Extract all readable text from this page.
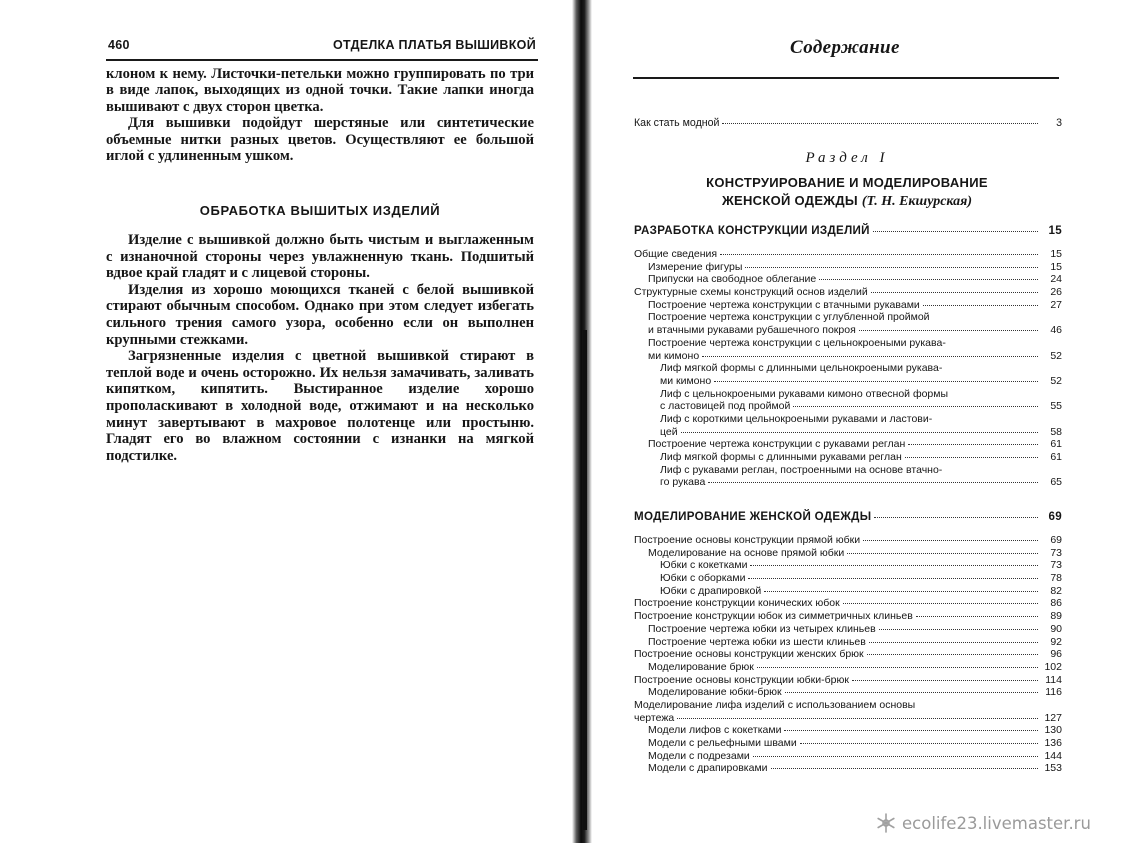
460	ОТДЕЛКА ПЛАТЬЯ ВЫШИВКОЙ

клоном к нему. Листочки-петельки можно группировать по три в виде лапок, выходящих из одной точки. Такие лапки иногда вышивают с двух сторон цветка.

Для вышивки подойдут шерстяные или синтетические объемные нитки разных цветов. Осуществляют ее большой иглой с удлиненным ушком.

ОБРАБОТКА ВЫШИТЫХ ИЗДЕЛИЙ

Изделие с вышивкой должно быть чистым и выглаженным с изнаночной стороны через увлажненную ткань. Подшитый вдвое край гладят и с лицевой стороны.

Изделия из хорошо моющихся тканей с белой вышивкой стирают обычным способом. Однако при этом следует избегать сильного трения самого узора, особенно если он выполнен крупными стежками.

Загрязненные изделия с цветной вышивкой стирают в теплой воде и очень осторожно. Их нельзя замачивать, заливать кипятком, кипятить. Выстиранное изделие хорошо прополаскивают в холодной воде, отжимают и на несколько минут завертывают в махровое полотенце или простыню. Гладят его во влажном состоянии с изнанки на мягкой подстилке.

Содержание
Как стать модной	3
Раздел I
КОНСТРУИРОВАНИЕ И МОДЕЛИРОВАНИЕ
ЖЕНСКОЙ ОДЕЖДЫ (Т. Н. Екшурская)
РАЗРАБОТКА КОНСТРУКЦИИ ИЗДЕЛИЙ	15
Общие сведения	15
Измерение фигуры	15
Припуски на свободное облегание	24
Структурные схемы конструкций основ изделий	26
Построение чертежа конструкции с втачными рукавами	27
Построение чертежа конструкции с углубленной проймой
и втачными рукавами рубашечного покроя	46
Построение чертежа конструкции с цельнокроеными рукава-
ми кимоно	52
Лиф мягкой формы с длинными цельнокроеными рукава-
ми кимоно	52
Лиф с цельнокроеными рукавами кимоно отвесной формы
с ластовицей под проймой	55
Лиф с короткими цельнокроеными рукавами и ластови-
цей	58
Построение чертежа конструкции с рукавами реглан	61
Лиф мягкой формы с длинными рукавами реглан	61
Лиф с рукавами реглан, построенными на основе втачно-
го рукава	65
МОДЕЛИРОВАНИЕ ЖЕНСКОЙ ОДЕЖДЫ	69
Построение основы конструкции прямой юбки	69
Моделирование на основе прямой юбки	73
Юбки с кокетками	73
Юбки с оборками	78
Юбки с драпировкой	82
Построение конструкции конических юбок	86
Построение конструкции юбок из симметричных клиньев	89
Построение чертежа юбки из четырех клиньев	90
Построение чертежа юбки из шести клиньев	92
Построение основы конструкции женских брюк	96
Моделирование брюк	102
Построение основы конструкции юбки-брюк	114
Моделирование юбки-брюк	116
Моделирование лифа изделий с использованием основы
чертежа	127
Модели лифов с кокетками	130
Модели с рельефными швами	136
Модели с подрезами	144
Модели с драпировками	153
ecolife23.livemaster.ru
